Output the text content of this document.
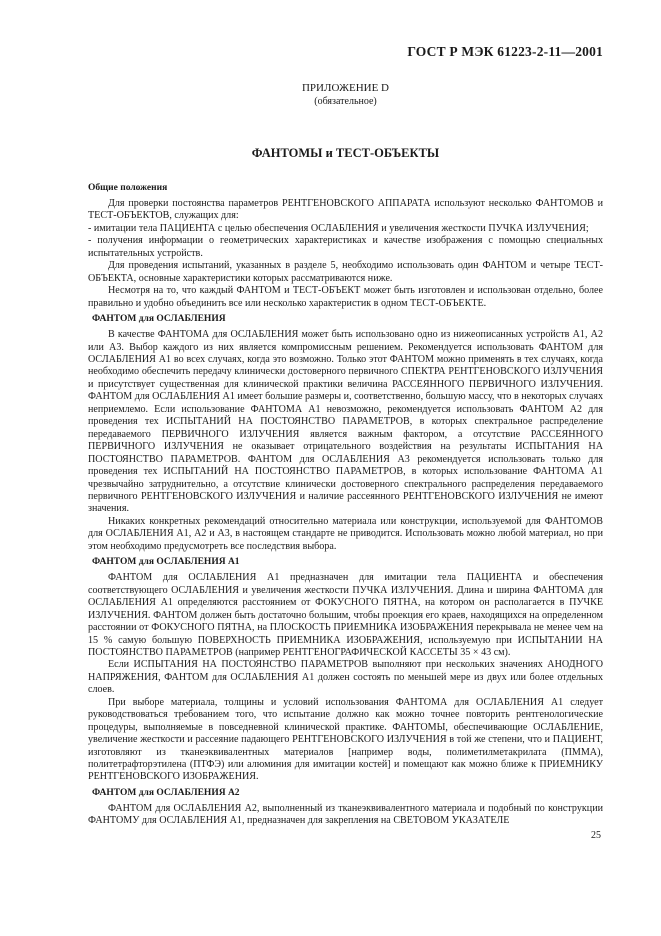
ГОСТ Р МЭК 61223-2-11—2001
ПРИЛОЖЕНИЕ D
(обязательное)
ФАНТОМЫ и ТЕСТ-ОБЪЕКТЫ
Общие положения

Для проверки постоянства параметров РЕНТГЕНОВСКОГО АППАРАТА используют несколько ФАНТОМОВ и ТЕСТ-ОБЪЕКТОВ, служащих для:

- имитации тела ПАЦИЕНТА с целью обеспечения ОСЛАБЛЕНИЯ и увеличения жесткости ПУЧКА ИЗЛУЧЕНИЯ;

- получения информации о геометрических характеристиках и качестве изображения с помощью специальных испытательных устройств.

Для проведения испытаний, указанных в разделе 5, необходимо использовать один ФАНТОМ и четыре ТЕСТ-ОБЪЕКТА, основные характеристики которых рассматриваются ниже.

Несмотря на то, что каждый ФАНТОМ и ТЕСТ-ОБЪЕКТ может быть изготовлен и использован отдельно, более правильно и удобно объединить все или несколько характеристик в одном ТЕСТ-ОБЪЕКТЕ.

ФАНТОМ для ОСЛАБЛЕНИЯ

В качестве ФАНТОМА для ОСЛАБЛЕНИЯ может быть использовано одно из нижеописанных устройств А1, А2 или А3. Выбор каждого из них является компромиссным решением. Рекомендуется использовать ФАНТОМ для ОСЛАБЛЕНИЯ А1 во всех случаях, когда это возможно. Только этот ФАНТОМ можно применять в тех случаях, когда необходимо обеспечить передачу клинически достоверного первичного СПЕКТРА РЕНТГЕНОВСКОГО ИЗЛУЧЕНИЯ и присутствует существенная для клинической практики величина РАССЕЯННОГО ПЕРВИЧНОГО ИЗЛУЧЕНИЯ. ФАНТОМ для ОСЛАБЛЕНИЯ А1 имеет большие размеры и, соответственно, большую массу, что в некоторых случаях неприемлемо. Если использование ФАНТОМА А1 невозможно, рекомендуется использовать ФАНТОМ А2 для проведения тех ИСПЫТАНИЙ НА ПОСТОЯНСТВО ПАРАМЕТРОВ, в которых спектральное распределение передаваемого ПЕРВИЧНОГО ИЗЛУЧЕНИЯ является важным фактором, а отсутствие РАССЕЯННОГО ПЕРВИЧНОГО ИЗЛУЧЕНИЯ не оказывает отрицательного воздействия на результаты ИСПЫТАНИЯ НА ПОСТОЯНСТВО ПАРАМЕТРОВ. ФАНТОМ для ОСЛАБЛЕНИЯ А3 рекомендуется использовать только для проведения тех ИСПЫТАНИЙ НА ПОСТОЯНСТВО ПАРАМЕТРОВ, в которых использование ФАНТОМА А1 чрезвычайно затруднительно, а отсутствие клинически достоверного спектрального распределения передаваемого первичного РЕНТГЕНОВСКОГО ИЗЛУЧЕНИЯ и наличие рассеянного РЕНТГЕНОВСКОГО ИЗЛУЧЕНИЯ не имеют значения.

Никаких конкретных рекомендаций относительно материала или конструкции, используемой для ФАНТОМОВ для ОСЛАБЛЕНИЯ А1, А2 и А3, в настоящем стандарте не приводится. Использовать можно любой материал, но при этом необходимо предусмотреть все последствия выбора.

ФАНТОМ для ОСЛАБЛЕНИЯ А1

ФАНТОМ для ОСЛАБЛЕНИЯ А1 предназначен для имитации тела ПАЦИЕНТА и обеспечения соответствующего ОСЛАБЛЕНИЯ и увеличения жесткости ПУЧКА ИЗЛУЧЕНИЯ. Длина и ширина ФАНТОМА для ОСЛАБЛЕНИЯ А1 определяются расстоянием от ФОКУСНОГО ПЯТНА, на котором он располагается в ПУЧКЕ ИЗЛУЧЕНИЯ. ФАНТОМ должен быть достаточно большим, чтобы проекция его краев, находящихся на определенном расстоянии от ФОКУСНОГО ПЯТНА, на ПЛОСКОСТЬ ПРИЕМНИКА ИЗОБРАЖЕНИЯ перекрывала не менее чем на 15 % самую большую ПОВЕРХНОСТЬ ПРИЕМНИКА ИЗОБРАЖЕНИЯ, используемую при ИСПЫТАНИИ НА ПОСТОЯНСТВО ПАРАМЕТРОВ (например РЕНТГЕНОГРАФИЧЕСКОЙ КАССЕТЫ 35 × 43 см).

Если ИСПЫТАНИЯ НА ПОСТОЯНСТВО ПАРАМЕТРОВ выполняют при нескольких значениях АНОДНОГО НАПРЯЖЕНИЯ, ФАНТОМ для ОСЛАБЛЕНИЯ А1 должен состоять по меньшей мере из двух или более отдельных слоев.

При выборе материала, толщины и условий использования ФАНТОМА для ОСЛАБЛЕНИЯ А1 следует руководствоваться требованием того, что испытание должно как можно точнее повторить рентгенологические процедуры, выполняемые в повседневной клинической практике. ФАНТОМЫ, обеспечивающие ОСЛАБЛЕНИЕ, увеличение жесткости и рассеяние падающего РЕНТГЕНОВСКОГО ИЗЛУЧЕНИЯ в той же степени, что и ПАЦИЕНТ, изготовляют из тканеэквивалентных материалов [например воды, полиметилметакрилата (ПММА), политетрафторэтилена (ПТФЭ) или алюминия для имитации костей] и помещают как можно ближе к ПРИЕМНИКУ РЕНТГЕНОВСКОГО ИЗОБРАЖЕНИЯ.

ФАНТОМ для ОСЛАБЛЕНИЯ А2

ФАНТОМ для ОСЛАБЛЕНИЯ А2, выполненный из тканеэквивалентного материала и подобный по конструкции ФАНТОМУ для ОСЛАБЛЕНИЯ А1, предназначен для закрепления на СВЕТОВОМ УКАЗАТЕЛЕ

25
